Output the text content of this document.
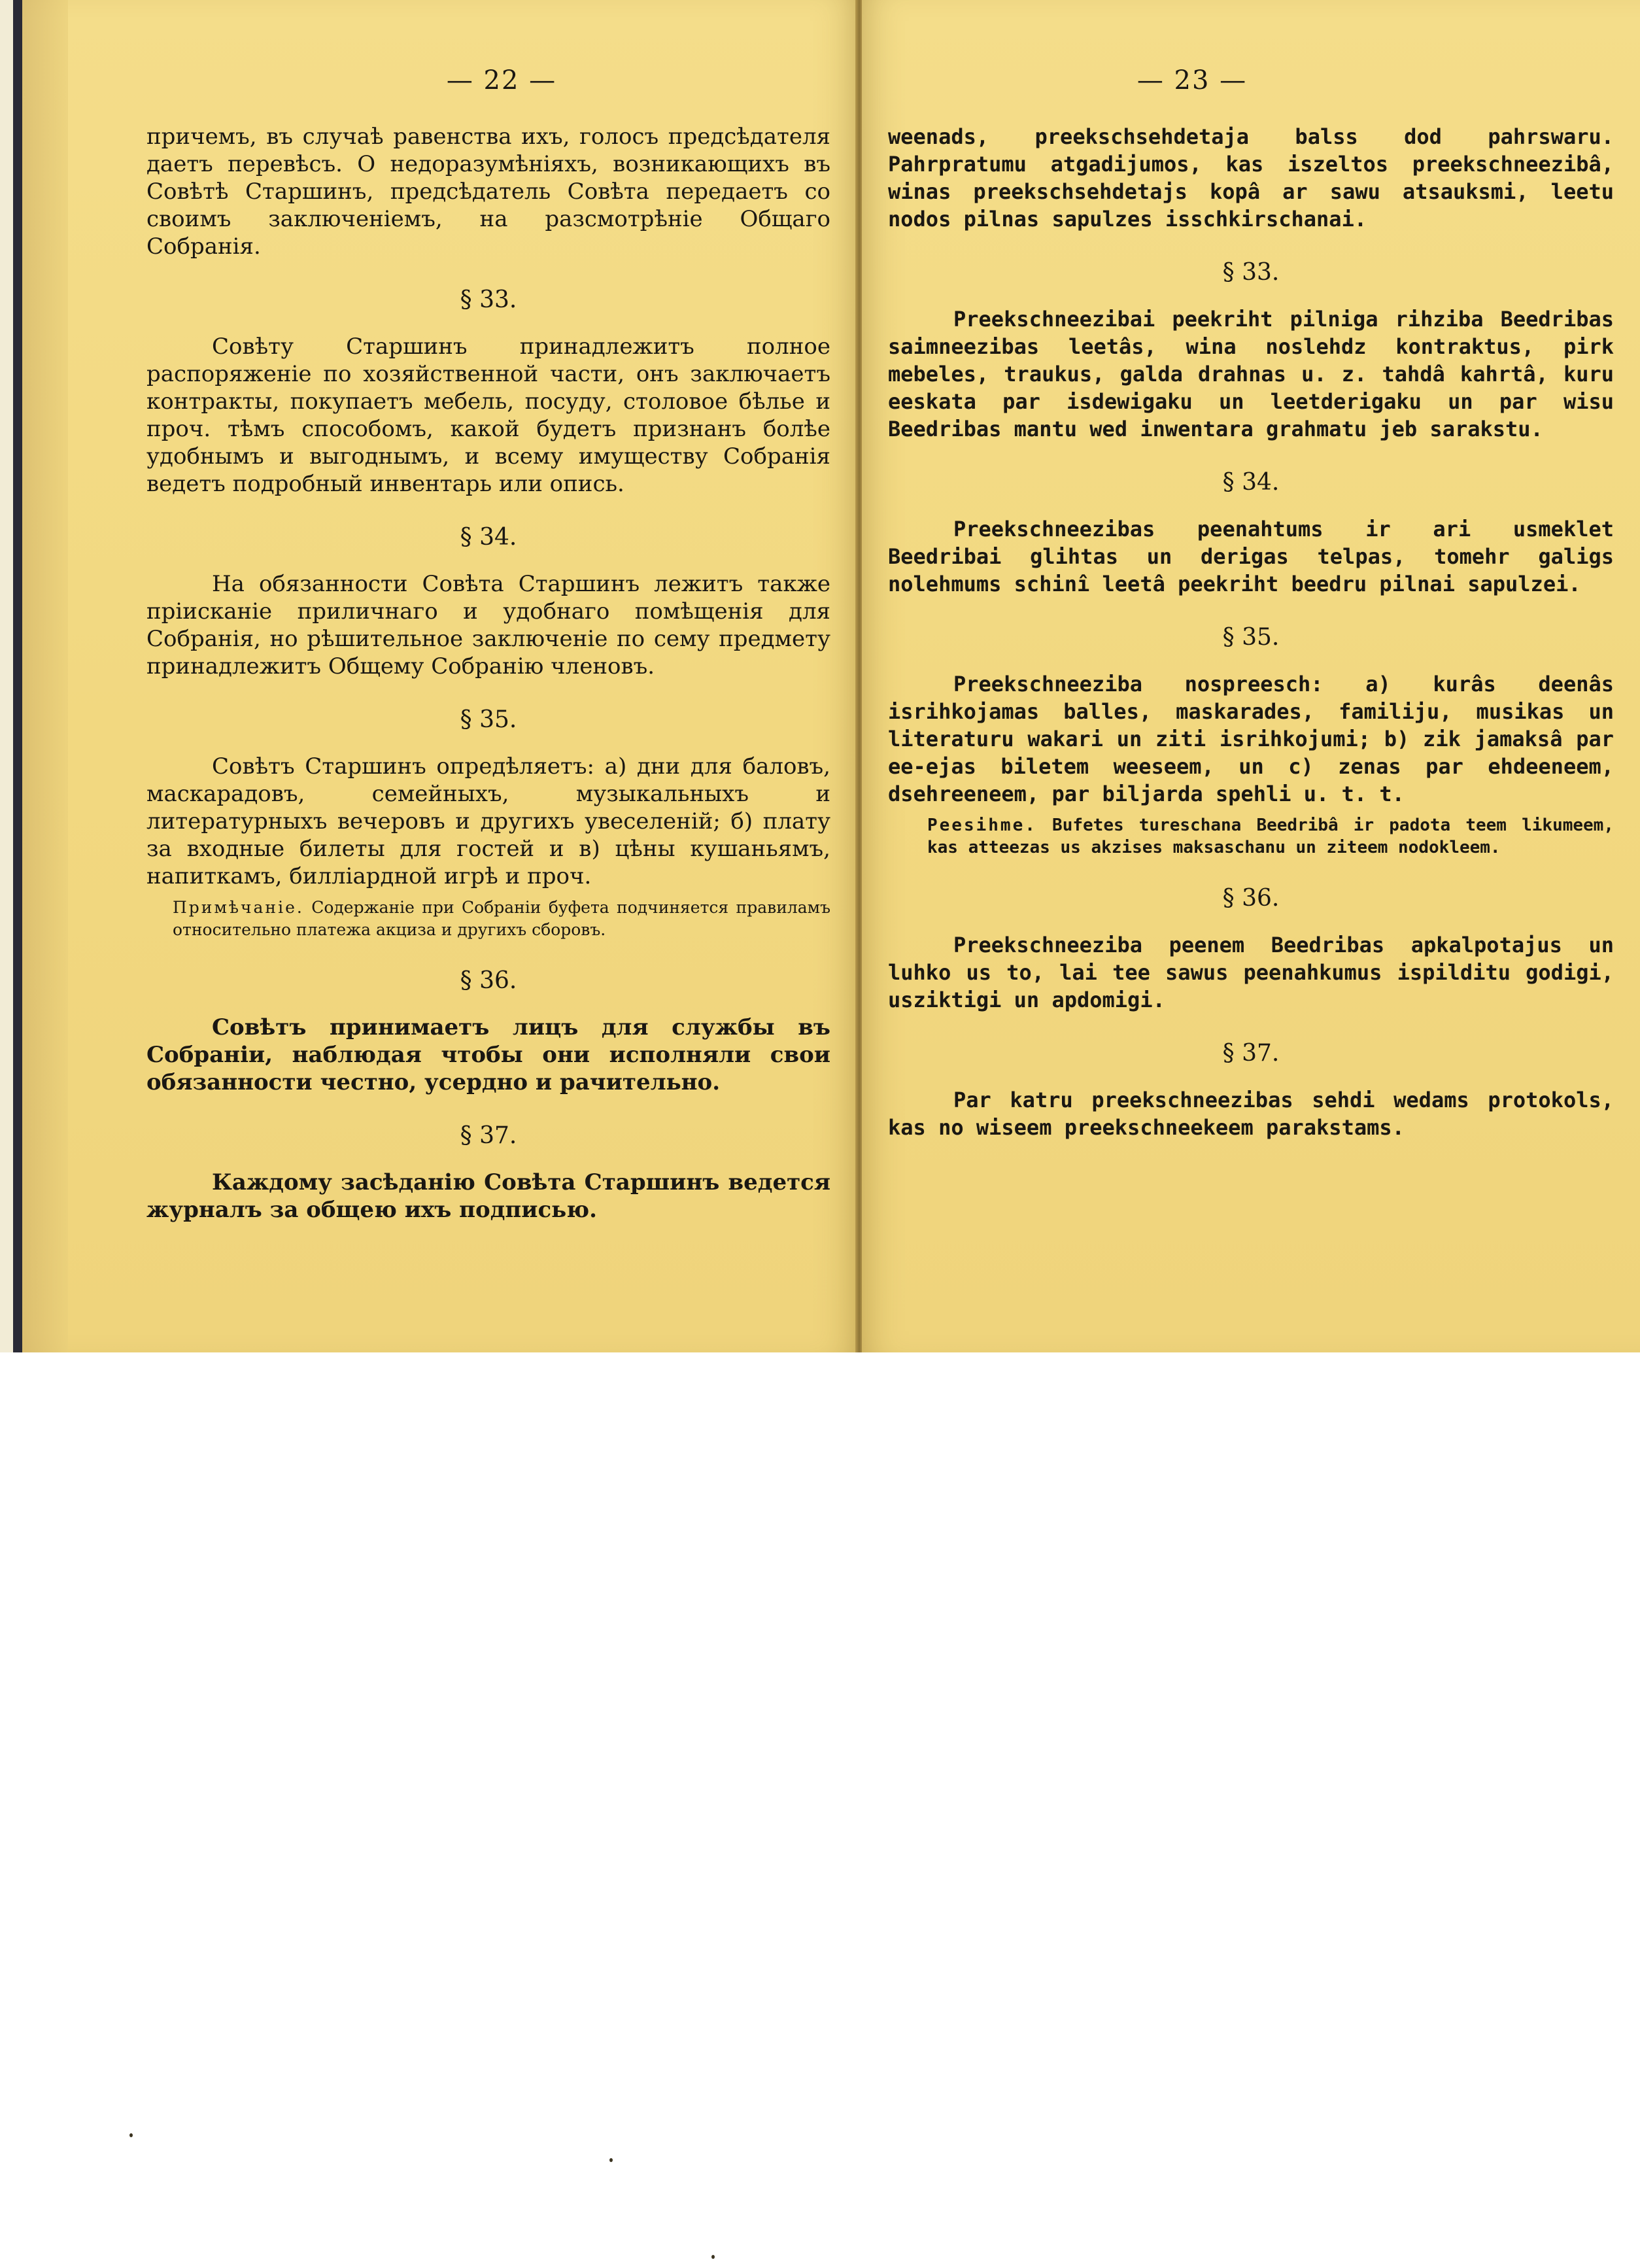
— 22 —

причемъ, въ случаѣ равенства ихъ, голосъ предсѣдателя даетъ перевѣсъ. О недоразумѣніяхъ, возникающихъ въ Совѣтѣ Старшинъ, предсѣдатель Совѣта передаетъ со своимъ заключеніемъ, на разсмотрѣніе Общаго Собранія.

§ 33.

Совѣту Старшинъ принадлежитъ полное распоряженіе по хозяйственной части, онъ заключаетъ контракты, покупаетъ мебель, посуду, столовое бѣлье и проч. тѣмъ способомъ, какой будетъ признанъ болѣе удобнымъ и выгоднымъ, и всему имуществу Собранія ведетъ подробный инвентарь или опись.

§ 34.

На обязанности Совѣта Старшинъ лежитъ также пріисканіе приличнаго и удобнаго помѣщенія для Собранія, но рѣшительное заключеніе по сему предмету принадлежитъ Общему Собранію членовъ.

§ 35.

Совѣтъ Старшинъ опредѣляетъ: а) дни для баловъ, маскарадовъ, семейныхъ, музыкальныхъ и литературныхъ вечеровъ и другихъ увеселеній; б) плату за входные билеты для гостей и в) цѣны кушаньямъ, напиткамъ, билліардной игрѣ и проч.

Примѣчаніе. Содержаніе при Собраніи буфета подчиняется правиламъ относительно платежа акциза и другихъ сборовъ.

§ 36.

Совѣтъ принимаетъ лицъ для службы въ Собраніи, наблюдая чтобы они исполняли свои обязанности честно, усердно и рачительно.

§ 37.

Каждому засѣданію Совѣта Старшинъ ведется журналъ за общею ихъ подписью.

— 23 —

weenads, preekschsehdetaja balss dod pahrswaru. Pahrpratumu atgadijumos, kas iszeltos preekschneezibâ, winas preekschsehdetajs kopâ ar sawu atsauksmi, leetu nodos pilnas sapulzes isschkirschanai.

§ 33.

Preekschneezibai peekriht pilniga rihziba Beedribas saimneezibas leetâs, wina noslehdz kontraktus, pirk mebeles, traukus, galda drahnas u. z. tahdâ kahrtâ, kuru eeskata par isdewigaku un leetderigaku un par wisu Beedribas mantu wed inwentara grahmatu jeb sarakstu.

§ 34.

Preekschneezibas peenahtums ir ari usmeklet Beedribai glihtas un derigas telpas, tomehr galigs nolehmums schinî leetâ peekriht beedru pilnai sapulzei.

§ 35.

Preekschneeziba nospreesch: a) kurâs deenâs isrihkojamas balles, maskarades, familiju, musikas un literaturu wakari un ziti isrihkojumi; b) zik jamaksâ par ee-ejas biletem weeseem, un c) zenas par ehdeeneem, dsehreeneem, par biljarda spehli u. t. t.

Peesihme. Bufetes tureschana Beedribâ ir padota teem likumeem, kas atteezas us akzises maksaschanu un ziteem nodokleem.

§ 36.

Preekschneeziba peenem Beedribas apkalpotajus un luhko us to, lai tee sawus peenahkumus ispilditu godigi, usziktigi un apdomigi.

§ 37.

Par katru preekschneezibas sehdi wedams protokols, kas no wiseem preekschneekeem parakstams.
